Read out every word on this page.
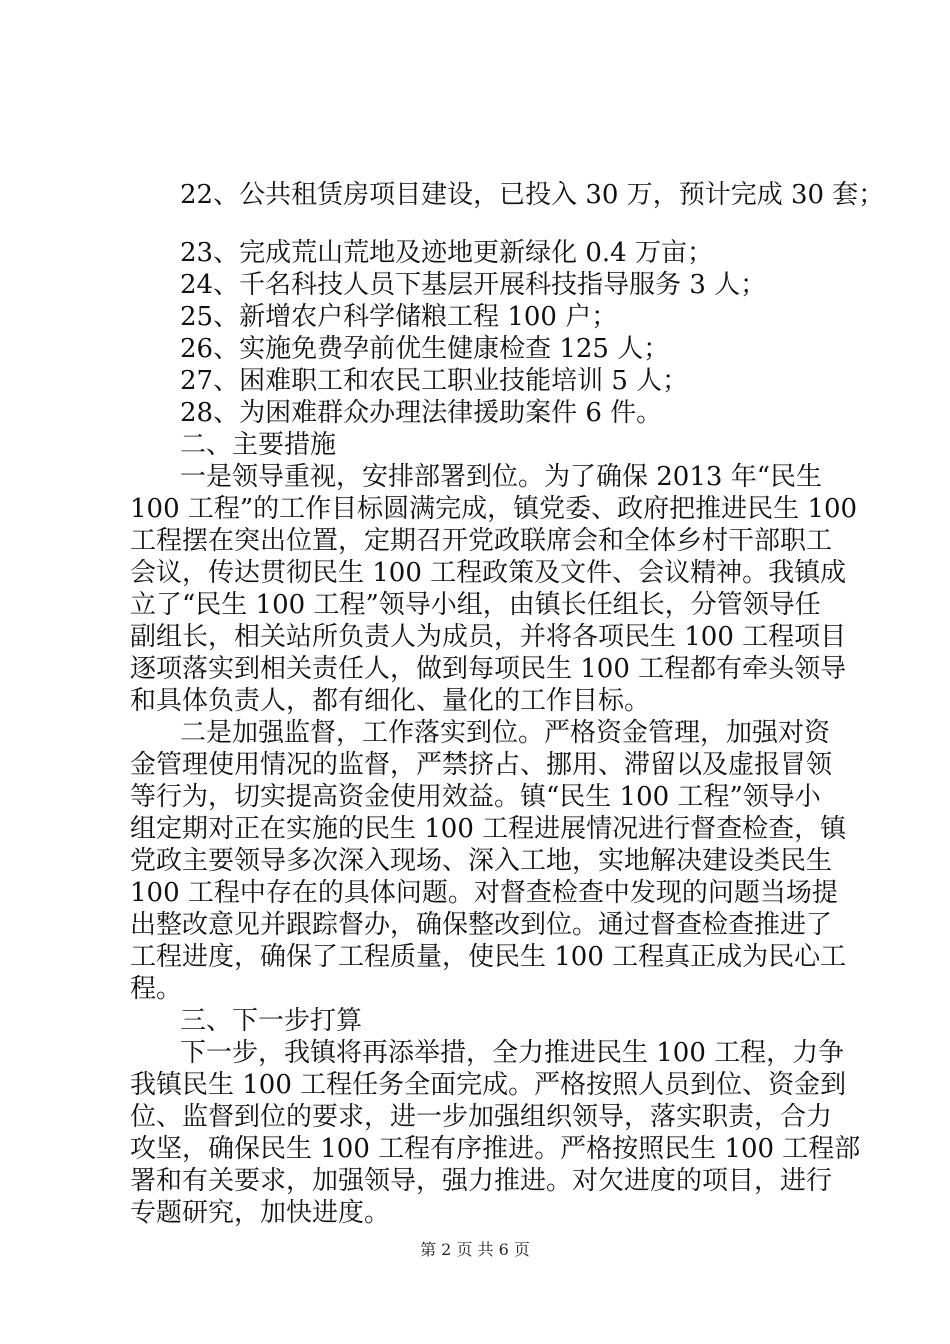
22、公共租赁房项目建设，已投入 30 万，预计完成 30 套；
23、完成荒山荒地及迹地更新绿化 0.4 万亩；
24、千名科技人员下基层开展科技指导服务 3 人；
25、新增农户科学储粮工程 100 户；
26、实施免费孕前优生健康检查 125 人；
27、困难职工和农民工职业技能培训 5 人；
28、为困难群众办理法律援助案件 6 件。
二、主要措施
一是领导重视，安排部署到位。为了确保 2013 年“民生
100 工程”的工作目标圆满完成，镇党委、政府把推进民生 100
工程摆在突出位置，定期召开党政联席会和全体乡村干部职工
会议，传达贯彻民生 100 工程政策及文件、会议精神。我镇成
立了“民生 100 工程”领导小组，由镇长任组长，分管领导任
副组长，相关站所负责人为成员，并将各项民生 100 工程项目
逐项落实到相关责任人，做到每项民生 100 工程都有牵头领导
和具体负责人，都有细化、量化的工作目标。
二是加强监督，工作落实到位。严格资金管理，加强对资
金管理使用情况的监督，严禁挤占、挪用、滞留以及虚报冒领
等行为，切实提高资金使用效益。镇“民生 100 工程”领导小
组定期对正在实施的民生 100 工程进展情况进行督查检查，镇
党政主要领导多次深入现场、深入工地，实地解决建设类民生
100 工程中存在的具体问题。对督查检查中发现的问题当场提
出整改意见并跟踪督办，确保整改到位。通过督查检查推进了
工程进度，确保了工程质量，使民生 100 工程真正成为民心工
程。
三、下一步打算
下一步，我镇将再添举措，全力推进民生 100 工程，力争
我镇民生 100 工程任务全面完成。严格按照人员到位、资金到
位、监督到位的要求，进一步加强组织领导，落实职责，合力
攻坚，确保民生 100 工程有序推进。严格按照民生 100 工程部
署和有关要求，加强领导，强力推进。对欠进度的项目，进行
专题研究，加快进度。
第 2 页 共 6 页
